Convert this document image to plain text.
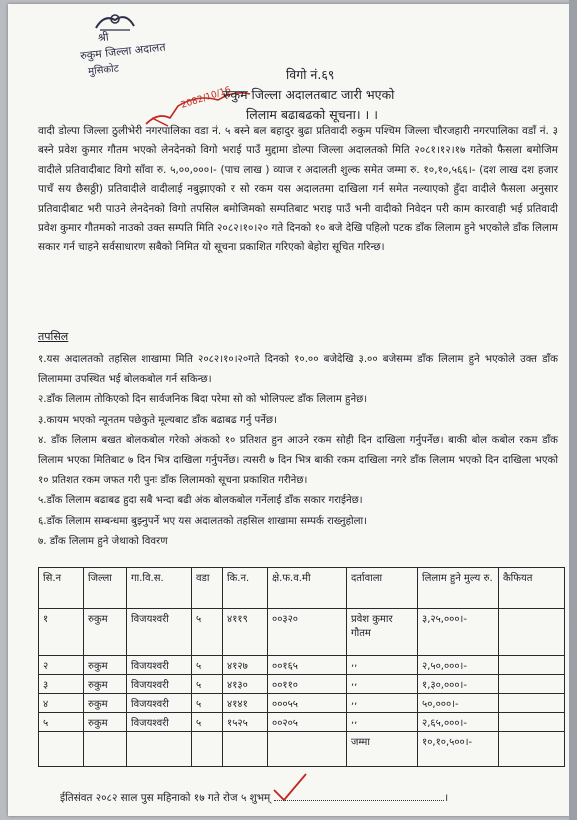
श्री
रुकुम जिल्ला अदालत
मुसिकोट
2082/10/16
विगो नं.६९
रुकुम जिल्ला अदालतबाट जारी भएको
लिलाम बढाबढको सूचना। । ।
वादी डोल्पा जिल्ला ठुलीभेरी नगरपालिका वडा नं. ५ बस्ने बल बहादुर बुढा प्रतिवादी रुकुम पश्चिम जिल्ला चौरजहारी नगरपालिका वडाँ नं. ३ बस्ने प्रवेश कुमार गौतम भएको लेनदेनको विगो भराई पाउँ मुद्दामा डोल्पा जिल्ला अदालतको मिति २०८१।१२।१७ गतेको फैसला बमोजिम वादीले प्रतिवादीबाट विगो साँवा रु. ५,००,०००।- (पाच लाख ) व्याज र अदालती शुल्क समेत जम्मा रु. १०,१०,५६६।- (दश लाख दश हजार पाचँ सय छैसठ्ठी) प्रतिवादीले वादीलाई नबुझाएको र सो रकम यस अदालतमा दाखिला गर्न समेत नल्याएको हुँदा वादीले फैसला अनुसार प्रतिवादीबाट भरी पाउने लेनदेनको विगो तपसिल बमोजिमको सम्पतिबाट भराइ पाउँ भनी वादीको निवेदन परी काम कारवाही भई प्रतिवादी प्रवेश कुमार गौतमको नाउको उक्त सम्पति मिति २०८२।१०।२० गते दिनको १० बजे देखि पहिलो पटक डाँक लिलाम हुने भएकोले डाँक लिलाम सकार गर्न चाहने सर्वसाधारण सबैको निमित यो सूचना प्रकाशित गरिएको बेहोरा सूचित गरिन्छ।
तपसिल

१.यस अदालतको तहसिल शाखामा मिति २०८२।१०।२०गते दिनको १०.०० बजेदेखि ३.०० बजेसम्म डाँक लिलाम हुने भएकोले उक्त डाँक लिलाममा उपस्थित भई बोलकबोल गर्न सकिन्छ।

२.डाँक लिलाम तोकिएको दिन सार्वजनिक बिदा परेमा सो को भोलिपल्ट डाँक लिलाम हुनेछ।

३.कायम भएको न्यूनतम पछेकुते मूल्यबाट डाँक बढाबढ गर्नु पर्नेछ।

४. डाँक लिलाम बखत बोलकबोल गरेको अंकको १० प्रतिशत हुन आउने रकम सोही दिन दाखिला गर्नुपर्नेछ। बाकी बोल कबोल रकम डाँक लिलाम भएका मितिबाट ७ दिन भित्र दाखिला गर्नुपर्नेछ। त्यसरी ७ दिन भित्र बाकी रकम दाखिला नगरे डाँक लिलाम भएको दिन दाखिला भएको १० प्रतिशत रकम जफत गरी पुनः डाँक लिलामको सूचना प्रकाशित गरीनेछ।

५.डाँक लिलाम बढाबढ हुदा सबै भन्दा बढी अंक बोलकबोल गर्नेलाई डाँक सकार गराईनेछ।

६.डाँक लिलाम सम्बन्धमा बुझ्नुपर्ने भए यस अदालतको तहसिल शाखामा सम्पर्क राख्नुहोला।

७. डाँक लिलाम हुने जेथाको विवरण

सि.न	जिल्ला	गा.वि.स.	वडा	कि.न.	क्षे.फ.व.मी	दर्तावाला	लिलाम हुने मुल्य रु.	कैफियत
१	रुकुम	विजयश्वरी	५	४११९	००३२०	प्रवेश कुमार गौतम	३,२५,०००।-	
२	रुकुम	विजयश्वरी	५	४१२७	००१६५	,,	२,५०,०००।-	
३	रुकुम	विजयश्वरी	५	४१३०	००११०	,,	१,३०,०००।-	
४	रुकुम	विजयश्वरी	५	४१४१	०००५५	,,	५०,०००।-	
५	रुकुम	विजयश्वरी	५	१५२५	००२०५	,,	२,६५,०००।-	
						जम्मा	१०,१०,५००।-	
ईतिसंवत २०८२ साल पुस महिनाको १७ गते रोज ५ शुभम्	।
